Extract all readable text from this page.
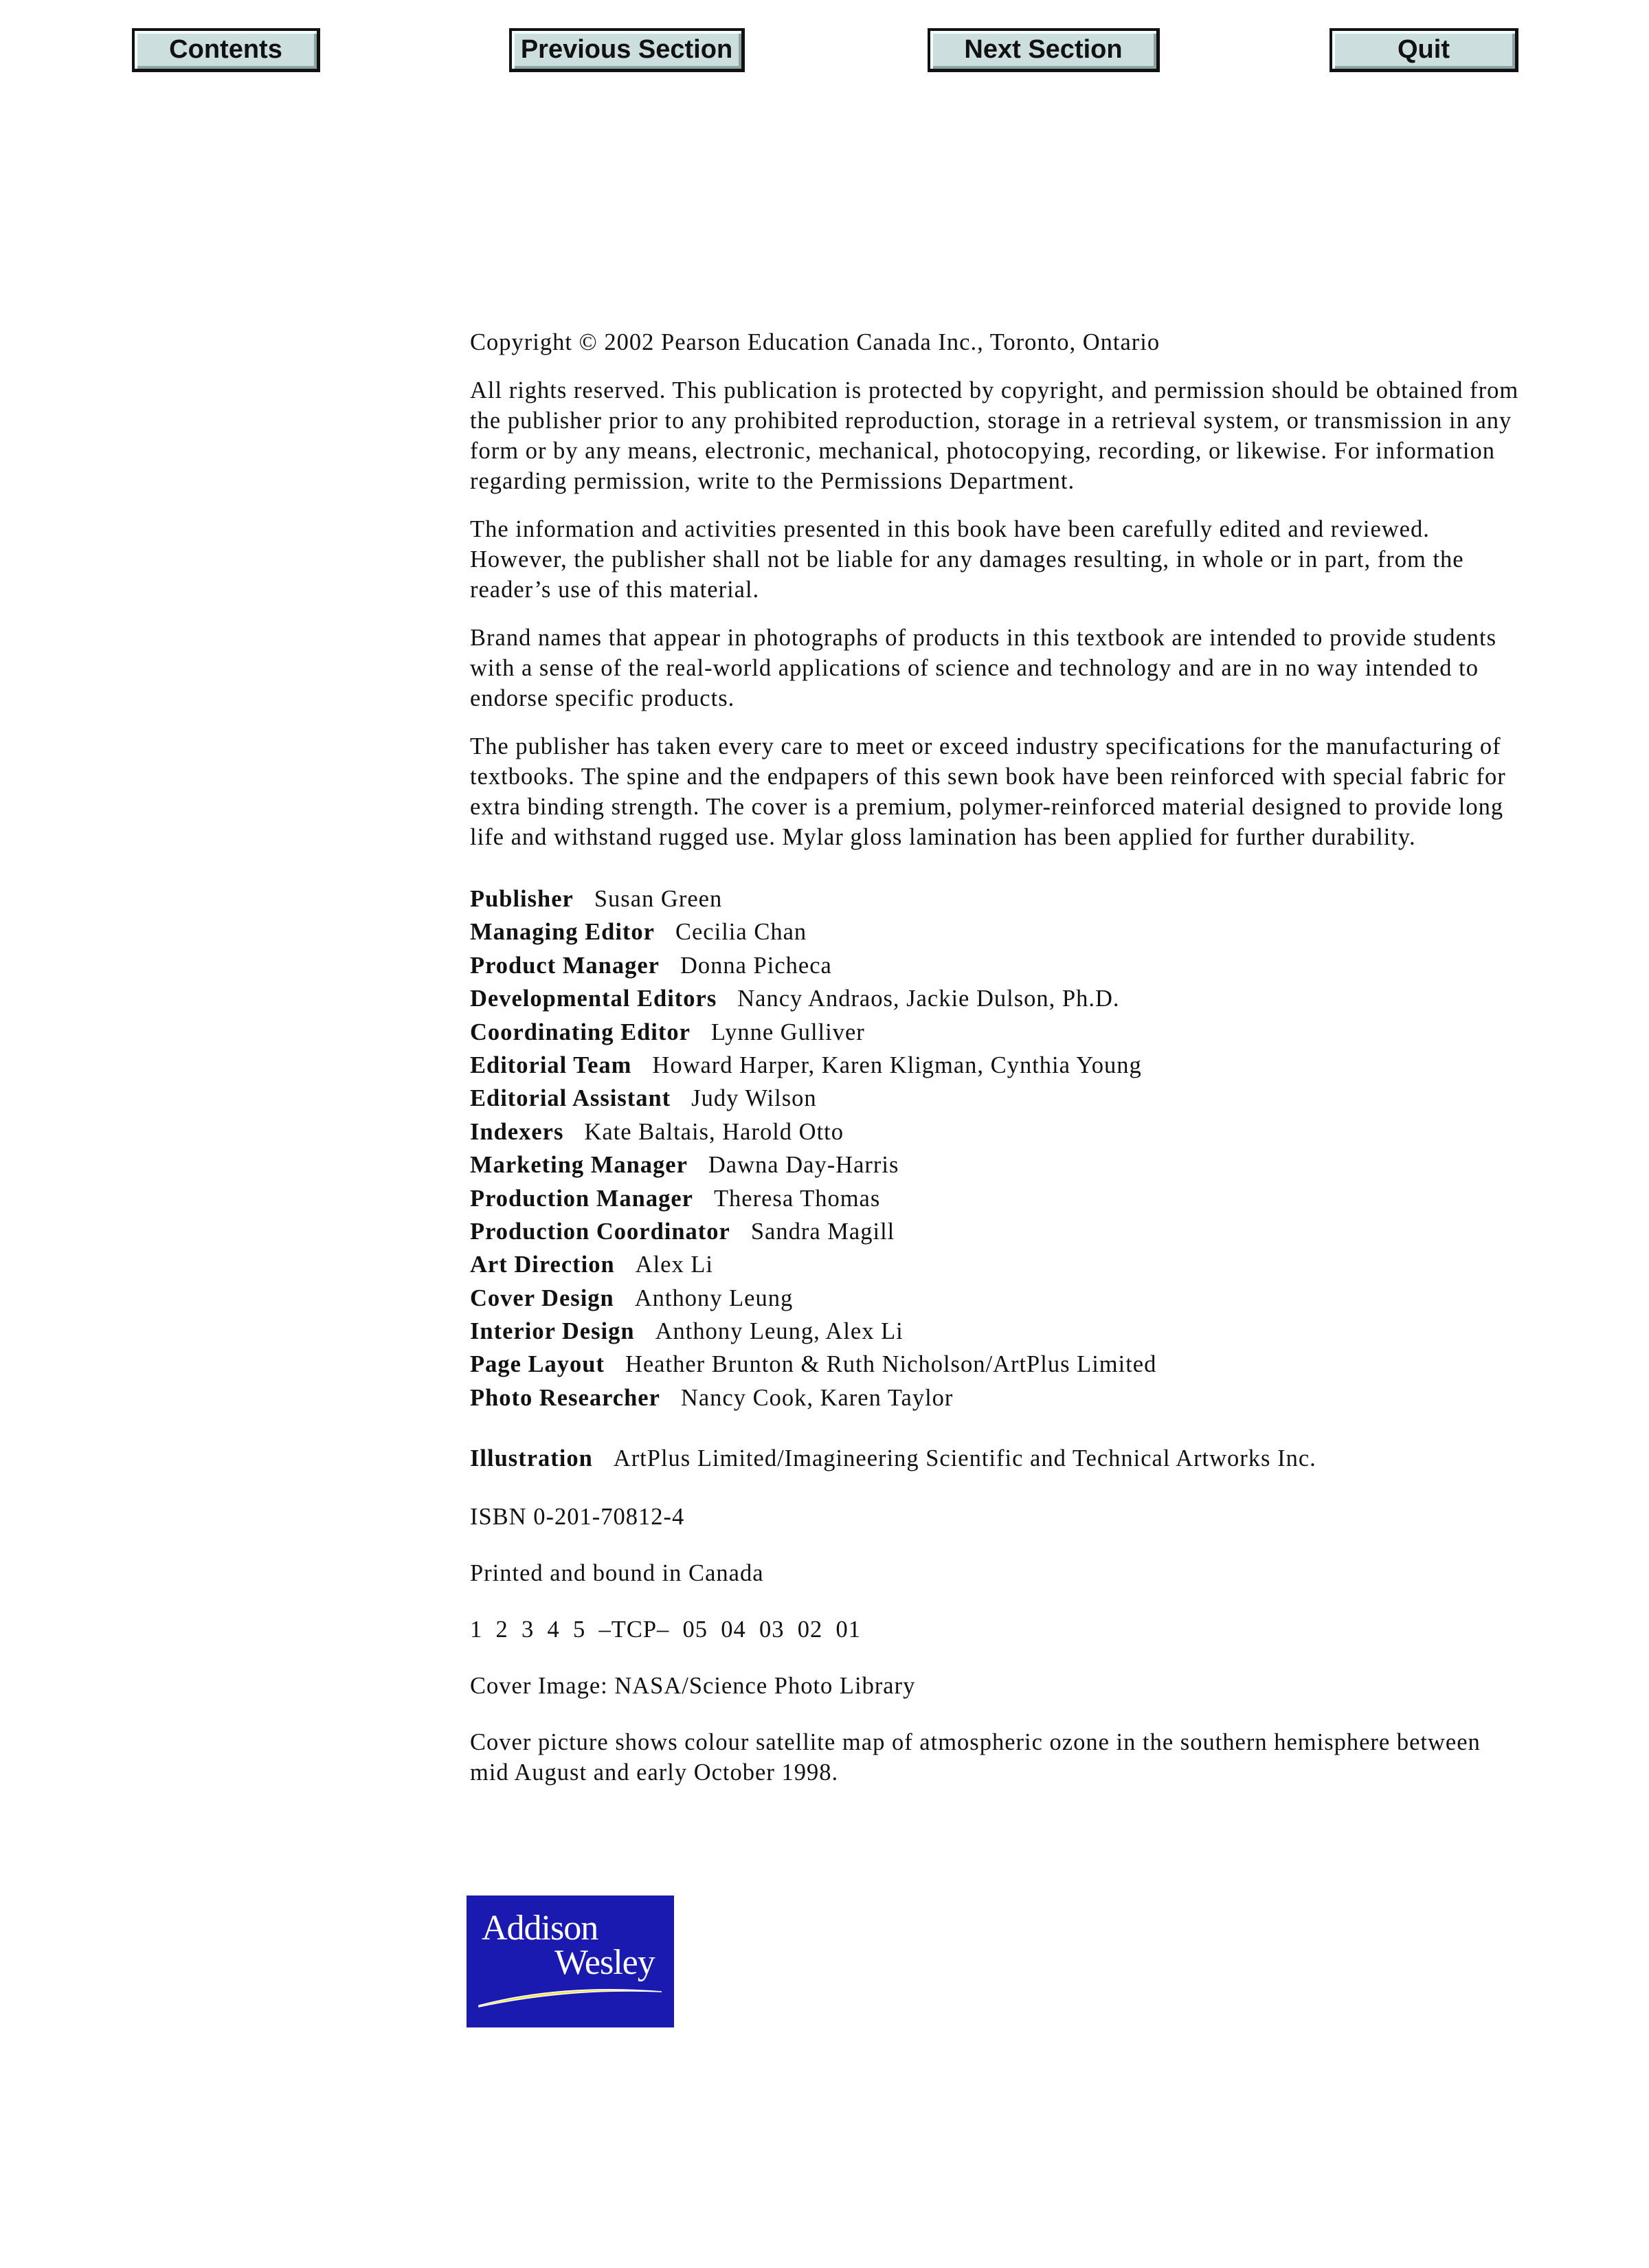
Contents	Previous Section	Next Section	Quit

Copyright © 2002 Pearson Education Canada Inc., Toronto, Ontario

All rights reserved. This publication is protected by copyright, and permission should be obtained from the publisher prior to any prohibited reproduction, storage in a retrieval system, or transmission in any form or by any means, electronic, mechanical, photocopying, recording, or likewise. For information regarding permission, write to the Permissions Department.

The information and activities presented in this book have been carefully edited and reviewed. However, the publisher shall not be liable for any damages resulting, in whole or in part, from the reader’s use of this material.

Brand names that appear in photographs of products in this textbook are intended to provide students with a sense of the real-world applications of science and technology and are in no way intended to endorse specific products.

The publisher has taken every care to meet or exceed industry specifications for the manufacturing of textbooks. The spine and the endpapers of this sewn book have been reinforced with special fabric for extra binding strength. The cover is a premium, polymer-reinforced material designed to provide long life and withstand rugged use. Mylar gloss lamination has been applied for further durability.

Publisher Susan Green
Managing Editor Cecilia Chan
Product Manager Donna Picheca
Developmental Editors Nancy Andraos, Jackie Dulson, Ph.D.
Coordinating Editor Lynne Gulliver
Editorial Team Howard Harper, Karen Kligman, Cynthia Young
Editorial Assistant Judy Wilson
Indexers Kate Baltais, Harold Otto
Marketing Manager Dawna Day-Harris
Production Manager Theresa Thomas
Production Coordinator Sandra Magill
Art Direction Alex Li
Cover Design Anthony Leung
Interior Design Anthony Leung, Alex Li
Page Layout Heather Brunton & Ruth Nicholson/ArtPlus Limited
Photo Researcher Nancy Cook, Karen Taylor
Illustration ArtPlus Limited/Imagineering Scientific and Technical Artworks Inc.

ISBN 0-201-70812-4

Printed and bound in Canada

1  2  3  4  5  –TCP–  05  04  03  02  01

Cover Image: NASA/Science Photo Library

Cover picture shows colour satellite map of atmospheric ozone in the southern hemisphere between mid August and early October 1998.

Addison
Wesley
